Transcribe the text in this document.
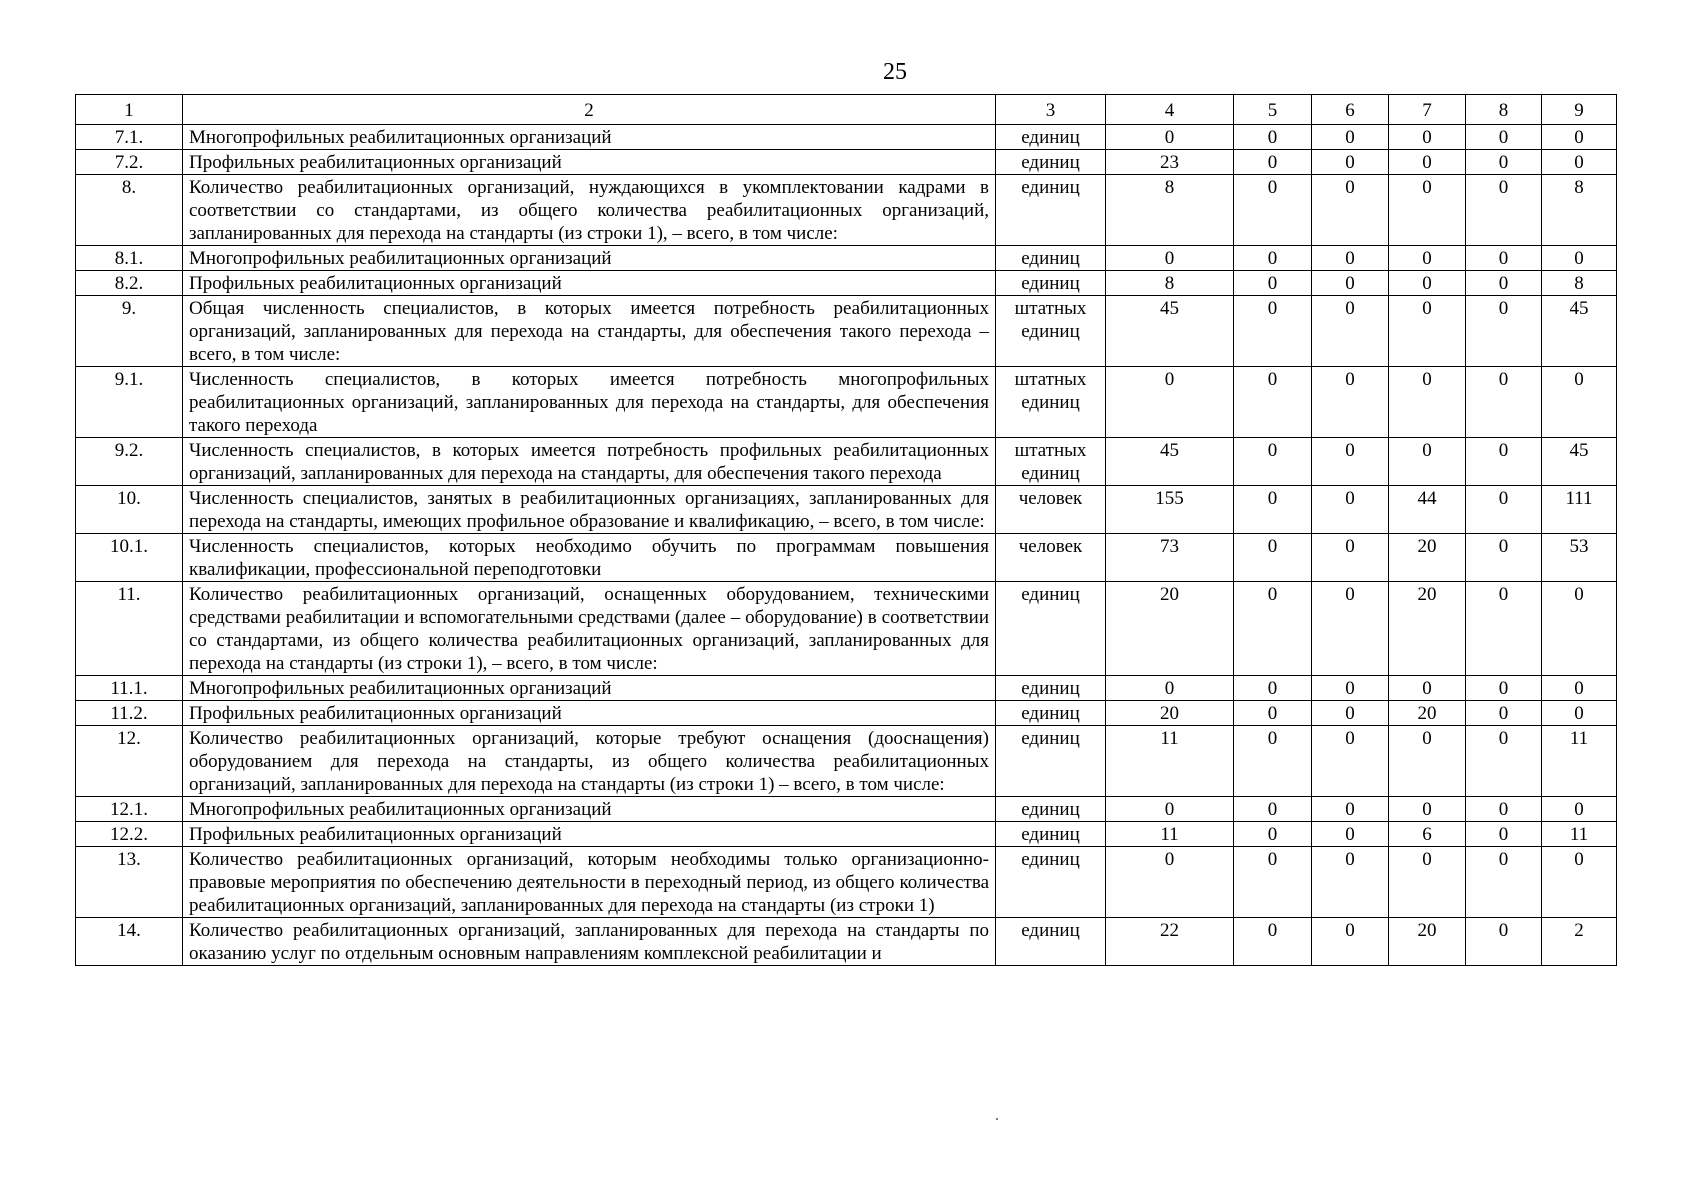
25
1	2	3	4	5	6	7	8	9
7.1.	Многопрофильных реабилитационных организаций	единиц	0	0	0	0	0	0
7.2.	Профильных реабилитационных организаций	единиц	23	0	0	0	0	0
8.	Количество реабилитационных организаций, нуждающихся в укомплектовании кадрами в соответствии со стандартами, из общего количества реабилитационных организаций, запланированных для перехода на стандарты (из строки 1), – всего, в том числе:	единиц	8	0	0	0	0	8
8.1.	Многопрофильных реабилитационных организаций	единиц	0	0	0	0	0	0
8.2.	Профильных реабилитационных организаций	единиц	8	0	0	0	0	8
9.	Общая численность специалистов, в которых имеется потребность реабилитационных организаций, запланированных для перехода на стандарты, для обеспечения такого перехода – всего, в том числе:	штатных единиц	45	0	0	0	0	45
9.1.	Численность специалистов, в которых имеется потребность многопрофильных реабилитационных организаций, запланированных для перехода на стандарты, для обеспечения такого перехода	штатных единиц	0	0	0	0	0	0
9.2.	Численность специалистов, в которых имеется потребность профильных реабилитационных организаций, запланированных для перехода на стандарты, для обеспечения такого перехода	штатных единиц	45	0	0	0	0	45
10.	Численность специалистов, занятых в реабилитационных организациях, запланированных для перехода на стандарты, имеющих профильное образование и квалификацию, – всего, в том числе:	человек	155	0	0	44	0	111
10.1.	Численность специалистов, которых необходимо обучить по программам повышения квалификации, профессиональной переподготовки	человек	73	0	0	20	0	53
11.	Количество реабилитационных организаций, оснащенных оборудованием, техническими средствами реабилитации и вспомогательными средствами (далее – оборудование) в соответствии со стандартами, из общего количества реабилитационных организаций, запланированных для перехода на стандарты (из строки 1), – всего, в том числе:	единиц	20	0	0	20	0	0
11.1.	Многопрофильных реабилитационных организаций	единиц	0	0	0	0	0	0
11.2.	Профильных реабилитационных организаций	единиц	20	0	0	20	0	0
12.	Количество реабилитационных организаций, которые требуют оснащения (дооснащения) оборудованием для перехода на стандарты, из общего количества реабилитационных организаций, запланированных для перехода на стандарты (из строки 1) – всего, в том числе:	единиц	11	0	0	0	0	11
12.1.	Многопрофильных реабилитационных организаций	единиц	0	0	0	0	0	0
12.2.	Профильных реабилитационных организаций	единиц	11	0	0	6	0	11
13.	Количество реабилитационных организаций, которым необходимы только организационно-правовые мероприятия по обеспечению деятельности в переходный период, из общего количества реабилитационных организаций, запланированных для перехода на стандарты (из строки 1)	единиц	0	0	0	0	0	0
14.	Количество реабилитационных организаций, запланированных для перехода на стандарты по оказанию услуг по отдельным основным направлениям комплексной реабилитации и	единиц	22	0	0	20	0	2
